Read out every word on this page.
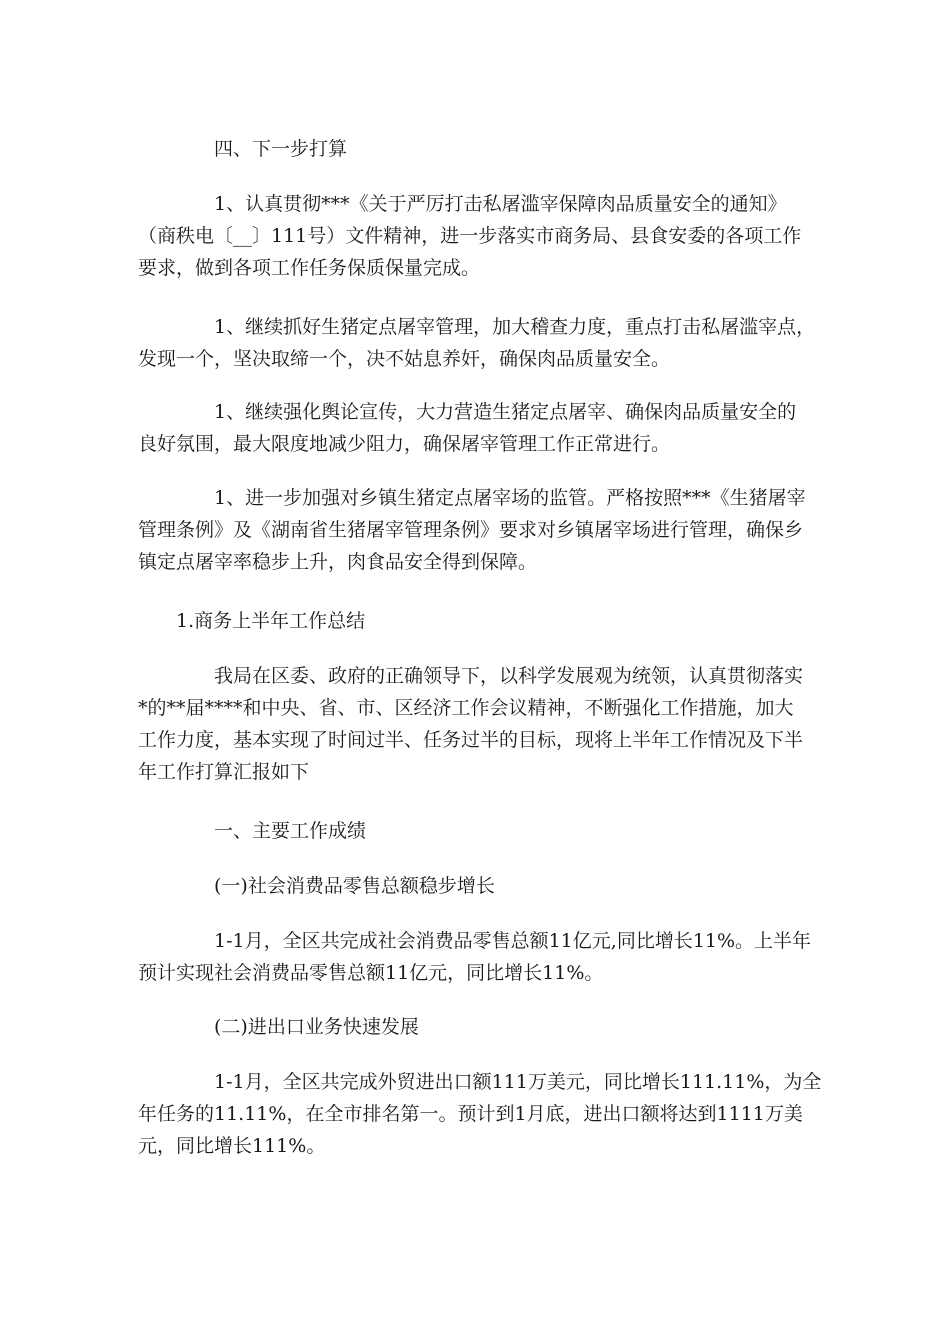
四、下一步打算

1、认真贯彻***《关于严厉打击私屠滥宰保障肉品质量安全的通知》
（商秩电〔__〕111号）文件精神，进一步落实市商务局、县食安委的各项工作
要求，做到各项工作任务保质保量完成。

1、继续抓好生猪定点屠宰管理，加大稽查力度，重点打击私屠滥宰点，
发现一个，坚决取缔一个，决不姑息养奸，确保肉品质量安全。

1、继续强化舆论宣传，大力营造生猪定点屠宰、确保肉品质量安全的
良好氛围，最大限度地减少阻力，确保屠宰管理工作正常进行。

1、进一步加强对乡镇生猪定点屠宰场的监管。严格按照***《生猪屠宰
管理条例》及《湖南省生猪屠宰管理条例》要求对乡镇屠宰场进行管理，确保乡
镇定点屠宰率稳步上升，肉食品安全得到保障。

1.商务上半年工作总结

我局在区委、政府的正确领导下，以科学发展观为统领，认真贯彻落实
*的**届****和中央、省、市、区经济工作会议精神，不断强化工作措施，加大
工作力度，基本实现了时间过半、任务过半的目标，现将上半年工作情况及下半
年工作打算汇报如下

一、主要工作成绩

(一)社会消费品零售总额稳步增长

1-1月，全区共完成社会消费品零售总额11亿元,同比增长11%。上半年
预计实现社会消费品零售总额11亿元，同比增长11%。

(二)进出口业务快速发展

1-1月，全区共完成外贸进出口额111万美元，同比增长111.11%，为全
年任务的11.11%，在全市排名第一。预计到1月底，进出口额将达到1111万美
元，同比增长111%。
